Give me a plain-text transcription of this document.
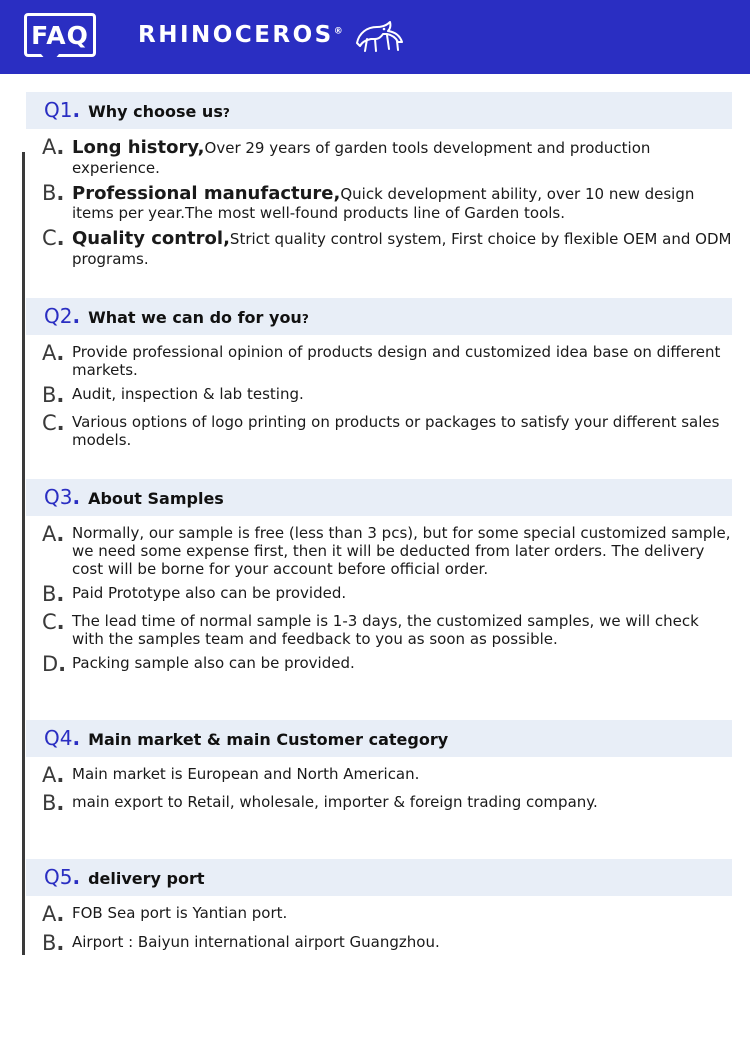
FAQ RHINOCEROS®
Q1. Why choose us?
A. Long history,Over 29 years of garden tools development and production experience.
B. Professional manufacture,Quick development ability, over 10 new design items per year.The most well-found products line of Garden tools.
C. Quality control,Strict quality control system, First choice by flexible OEM and ODM programs.
Q2. What we can do for you?
A. Provide professional opinion of products design and customized idea base on different markets.
B. Audit, inspection & lab testing.
C. Various options of logo printing on products or packages to satisfy your different sales models.
Q3. About Samples
A. Normally, our sample is free (less than 3 pcs), but for some special customized sample, we need some expense first, then it will be deducted from later orders. The delivery cost will be borne for your account before official order.
B. Paid Prototype also can be provided.
C. The lead time of normal sample is 1-3 days, the customized samples, we will check with the samples team and feedback to you as soon as possible.
D. Packing sample also can be provided.
Q4. Main market & main Customer category
A. Main market is European and North American.
B. main export to Retail, wholesale, importer & foreign trading company.
Q5. delivery port
A. FOB Sea port is Yantian port.
B. Airport : Baiyun international airport Guangzhou.
